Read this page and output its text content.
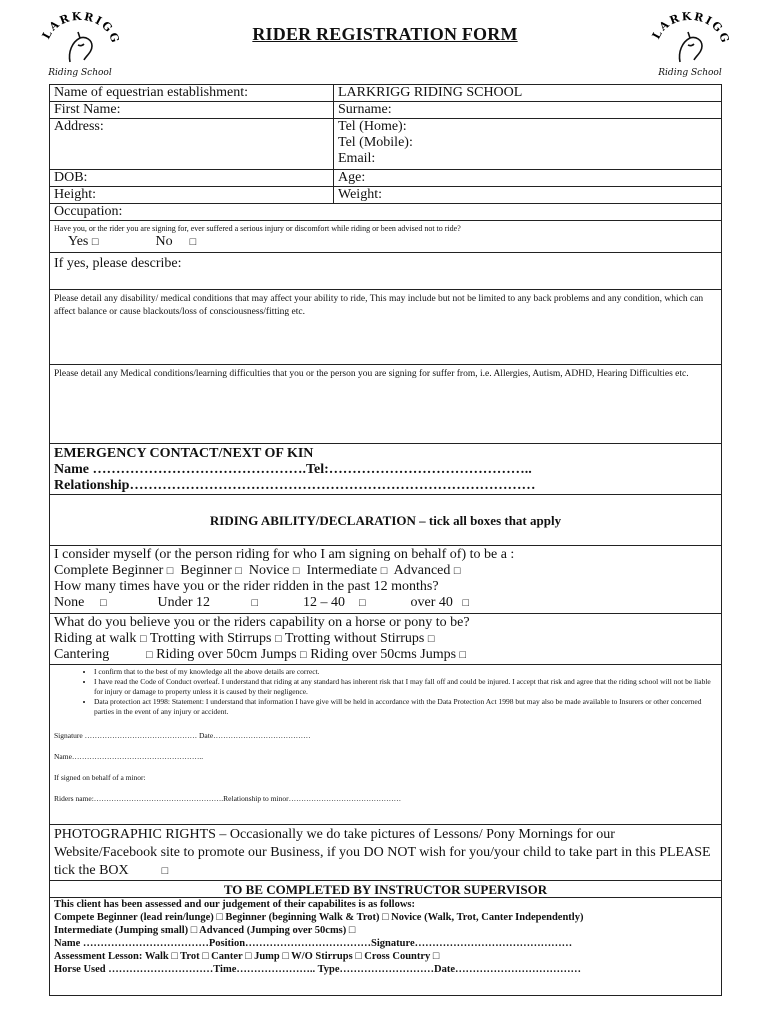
LARKRIG
Riding School
LARKRIG
Riding School
RIDER REGISTRATION FORM
Name of equestrian establishment:	LARKRIGG RIDING SCHOOL
First Name:	Surname:
Address:	Tel (Home):
Tel (Mobile):
Email:
DOB:	Age:
Height:	Weight:
Occupation:
Have you, or the rider you are signing for, ever suffered a serious injury or discomfort while riding or been advised not to ride?
Yes □	No □
If yes, please describe:
Please detail any disability/ medical conditions that may affect your ability to ride, This may include but not be limited to any back problems and any condition, which can affect balance or cause blackouts/loss of consciousness/fitting etc.
Please detail any Medical conditions/learning difficulties that you or the person you are signing for suffer from, i.e. Allergies, Autism, ADHD, Hearing Difficulties etc.
EMERGENCY CONTACT/NEXT OF KIN
Name ……………………………………….Tel:……………………………………..
Relationship……………………………………………………………………………
RIDING ABILITY/DECLARATION – tick all boxes that apply
I consider myself (or the person riding for who I am signing on behalf of) to be a :
Complete Beginner □ Beginner □ Novice □ Intermediate □ Advanced □
How many times have you or the rider ridden in the past 12 months?
None □	Under 12	□	12 – 40 □	over 40 □
What do you believe you or the riders capability on a horse or pony to be?
Riding at walk □ Trotting with Stirrups □ Trotting without Stirrups □
Cantering	□ Riding over 50cm Jumps □ Riding over 50cms Jumps □
• I confirm that to the best of my knowledge all the above details are correct.
• I have read the Code of Conduct overleaf. I understand that riding at any standard has inherent risk that I may fall off and could be injured. I accept that risk and agree that the riding school will not be liable for injury or damage to property unless it is caused by their negligence.
• Data protection act 1998: Statement: I understand that information I have give will be held in accordance with the Data Protection Act 1998 but may also be made available to Insurers or other concerned parties in the event of any injury or accident.
Signature ……………………………………… Date…………………………………
Name……………………………………………..
If signed on behalf of a minor:
Riders name:…………………………………………….Relationship to minor………………………………………
PHOTOGRAPHIC RIGHTS – Occasionally we do take pictures of Lessons/ Pony Mornings for our Website/Facebook site to promote our Business, if you DO NOT wish for you/your child to take part in this PLEASE tick the BOX	□
TO BE COMPLETED BY INSTRUCTOR SUPERVISOR
This client has been assessed and our judgement of their capabilites is as follows:
Compete Beginner (lead rein/lunge) □ Beginner (beginning Walk & Trot) □ Novice (Walk, Trot, Canter Independently)
Intermediate (Jumping small) □ Advanced (Jumping over 50cms) □
Name ………………………………Position………………………………Signature………………………………………
Assessment Lesson: Walk □ Trot □ Canter □ Jump □ W/O Stirrups □ Cross Country □
Horse Used …………………………Time………………….. Type………………………Date………………………………
